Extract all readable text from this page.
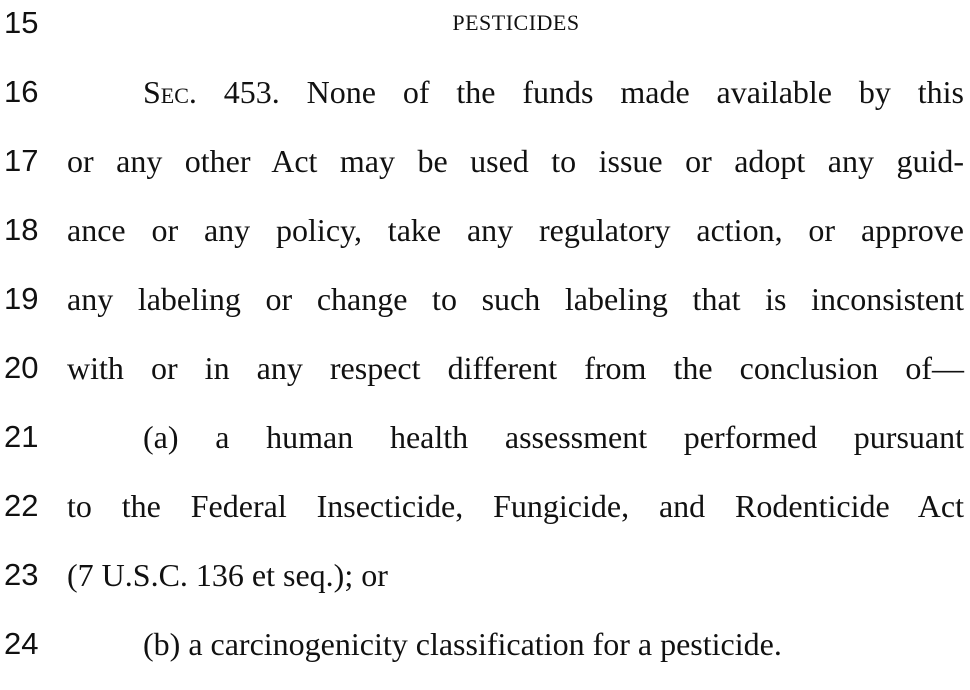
15	PESTICIDES
16	Sec. 453. None of the funds made available by this
17 or any other Act may be used to issue or adopt any guid-
18 ance or any policy, take any regulatory action, or approve
19 any labeling or change to such labeling that is inconsistent
20 with or in any respect different from the conclusion of—
21	(a) a human health assessment performed pursuant
22 to the Federal Insecticide, Fungicide, and Rodenticide Act
23 (7 U.S.C. 136 et seq.); or
24	(b) a carcinogenicity classification for a pesticide.
